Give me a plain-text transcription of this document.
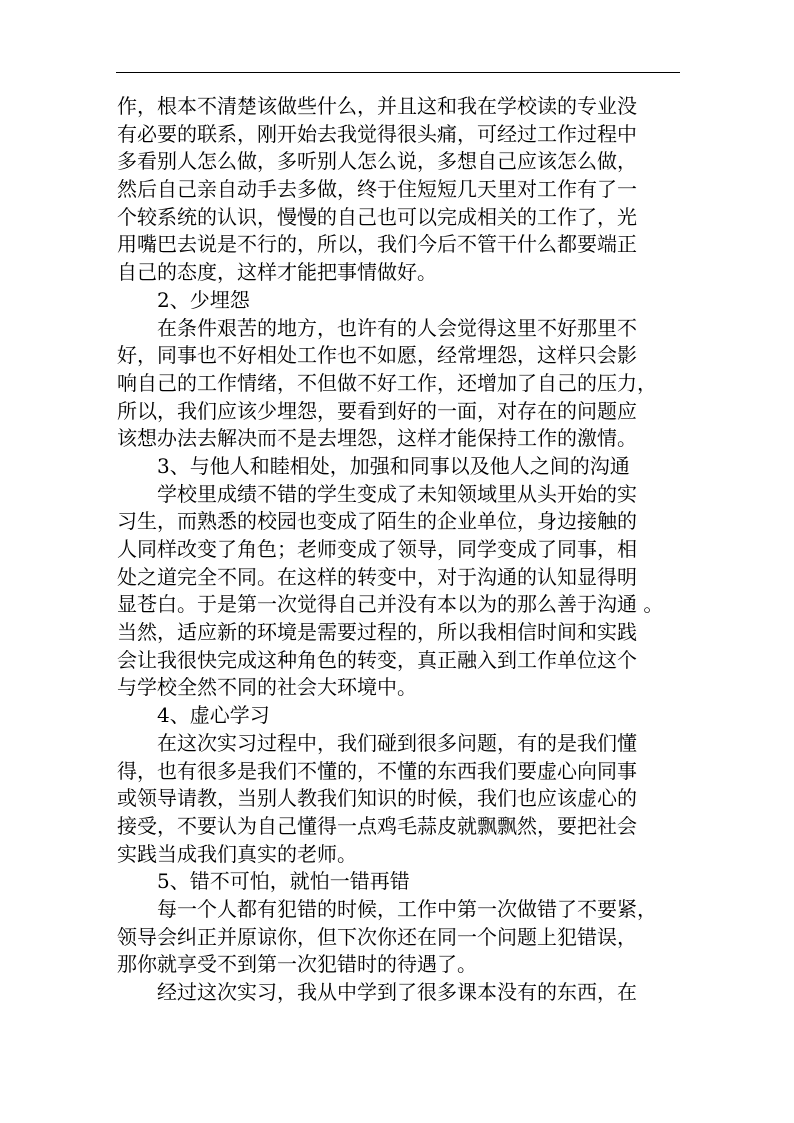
作，根本不清楚该做些什么，并且这和我在学校读的专业没
有必要的联系，刚开始去我觉得很头痛，可经过工作过程中
多看别人怎么做，多听别人怎么说，多想自己应该怎么做，
然后自己亲自动手去多做，终于住短短几天里对工作有了一
个较系统的认识，慢慢的自己也可以完成相关的工作了，光
用嘴巴去说是不行的，所以，我们今后不管干什么都要端正
自己的态度，这样才能把事情做好。
2、少埋怨
在条件艰苦的地方，也许有的人会觉得这里不好那里不
好，同事也不好相处工作也不如愿，经常埋怨，这样只会影
响自己的工作情绪，不但做不好工作，还增加了自己的压力，
所以，我们应该少埋怨，要看到好的一面，对存在的问题应
该想办法去解决而不是去埋怨，这样才能保持工作的激情。
3、与他人和睦相处，加强和同事以及他人之间的沟通
学校里成绩不错的学生变成了未知领域里从头开始的实
习生，而熟悉的校园也变成了陌生的企业单位，身边接触的
人同样改变了角色；老师变成了领导，同学变成了同事，相
处之道完全不同。在这样的转变中，对于沟通的认知显得明
显苍白。于是第一次觉得自己并没有本以为的那么善于沟通 。
当然，适应新的环境是需要过程的，所以我相信时间和实践
会让我很快完成这种角色的转变，真正融入到工作单位这个
与学校全然不同的社会大环境中。
4、虚心学习
在这次实习过程中，我们碰到很多问题，有的是我们懂
得，也有很多是我们不懂的，不懂的东西我们要虚心向同事
或领导请教，当别人教我们知识的时候，我们也应该虚心的
接受，不要认为自己懂得一点鸡毛蒜皮就飘飘然，要把社会
实践当成我们真实的老师。
5、错不可怕，就怕一错再错
每一个人都有犯错的时候，工作中第一次做错了不要紧，
领导会纠正并原谅你，但下次你还在同一个问题上犯错误，
那你就享受不到第一次犯错时的待遇了。
经过这次实习，我从中学到了很多课本没有的东西，在
